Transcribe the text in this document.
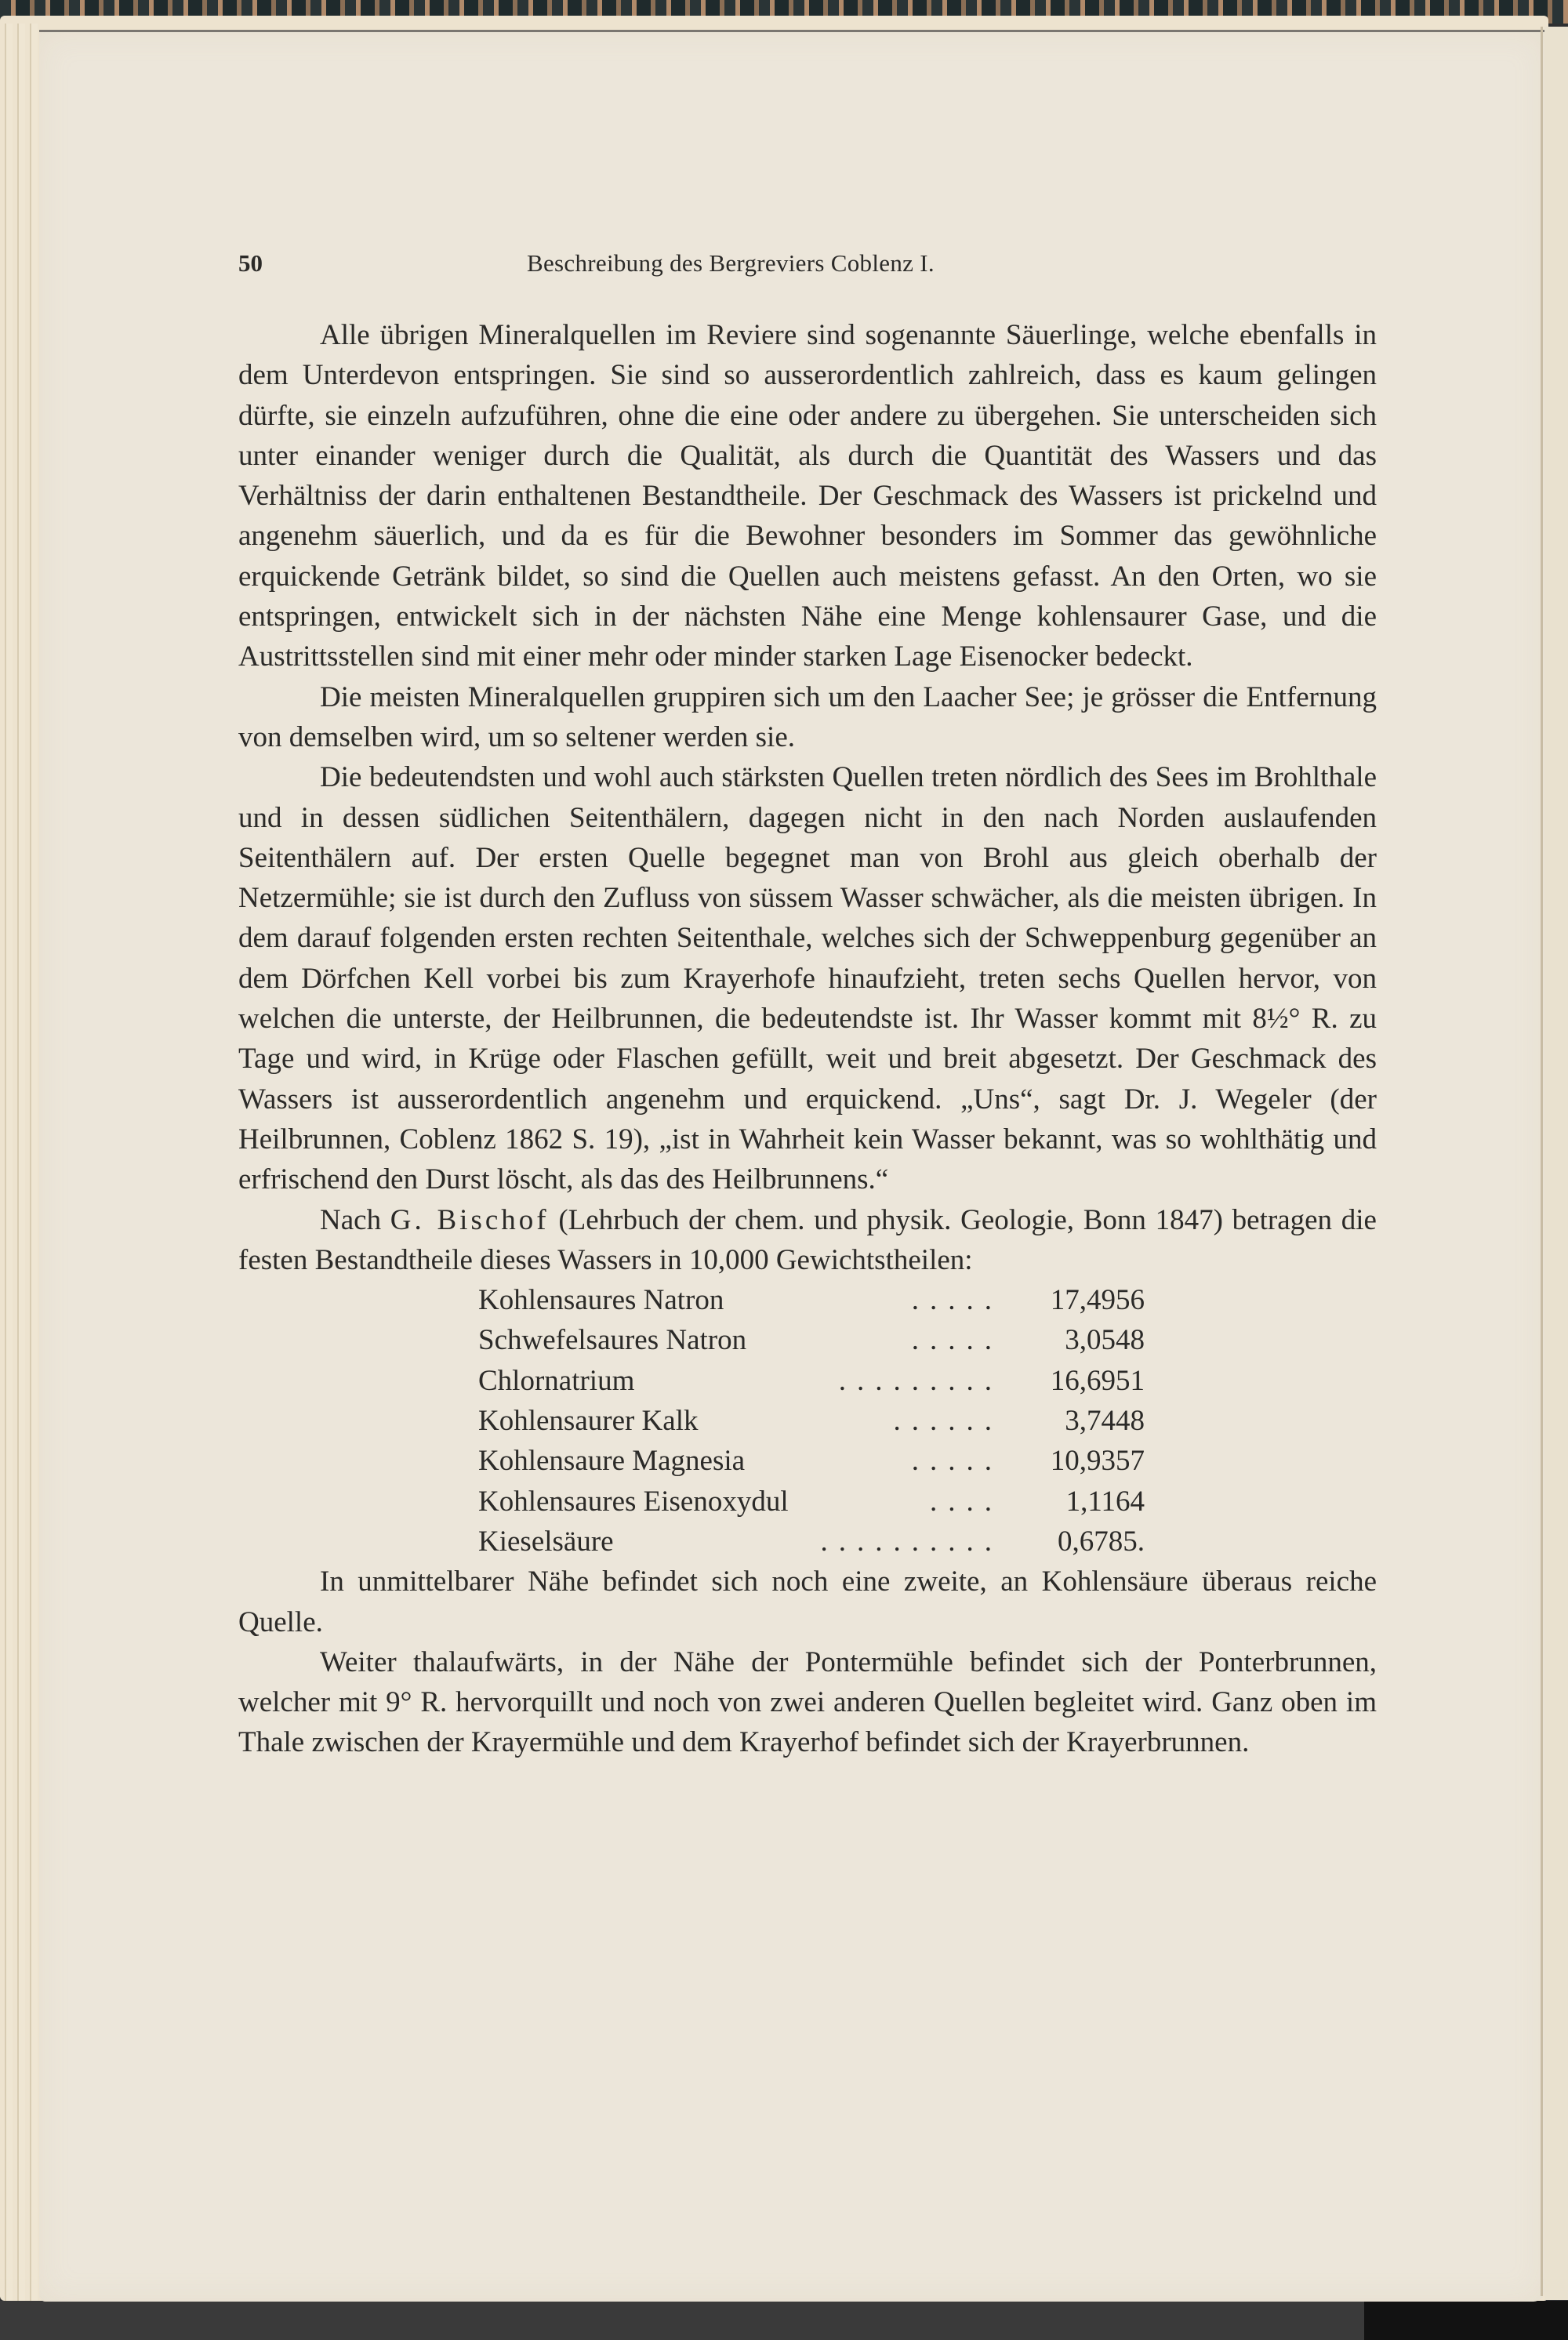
50	Beschreibung des Bergreviers Coblenz I.

Alle übrigen Mineralquellen im Reviere sind sogenannte Säuerlinge, welche ebenfalls in dem Unterdevon entspringen. Sie sind so ausserordentlich zahlreich, dass es kaum gelingen dürfte, sie einzeln aufzuführen, ohne die eine oder andere zu übergehen. Sie unterscheiden sich unter einander weniger durch die Qualität, als durch die Quantität des Wassers und das Verhältniss der darin enthaltenen Bestandtheile. Der Geschmack des Wassers ist prickelnd und angenehm säuerlich, und da es für die Bewohner besonders im Sommer das gewöhnliche erquickende Getränk bildet, so sind die Quellen auch meistens gefasst. An den Orten, wo sie entspringen, entwickelt sich in der nächsten Nähe eine Menge kohlensaurer Gase, und die Austrittsstellen sind mit einer mehr oder minder starken Lage Eisenocker bedeckt.

Die meisten Mineralquellen gruppiren sich um den Laacher See; je grösser die Entfernung von demselben wird, um so seltener werden sie.

Die bedeutendsten und wohl auch stärksten Quellen treten nördlich des Sees im Brohlthale und in dessen südlichen Seitenthälern, dagegen nicht in den nach Norden auslaufenden Seitenthälern auf. Der ersten Quelle begegnet man von Brohl aus gleich oberhalb der Netzermühle; sie ist durch den Zufluss von süssem Wasser schwächer, als die meisten übrigen. In dem darauf folgenden ersten rechten Seitenthale, welches sich der Schweppenburg gegenüber an dem Dörfchen Kell vorbei bis zum Krayerhofe hinaufzieht, treten sechs Quellen hervor, von welchen die unterste, der Heilbrunnen, die bedeutendste ist. Ihr Wasser kommt mit 8½° R. zu Tage und wird, in Krüge oder Flaschen gefüllt, weit und breit abgesetzt. Der Geschmack des Wassers ist ausserordentlich angenehm und erquickend. „Uns“, sagt Dr. J. Wegeler (der Heilbrunnen, Coblenz 1862 S. 19), „ist in Wahrheit kein Wasser bekannt, was so wohlthätig und erfrischend den Durst löscht, als das des Heilbrunnens.“

Nach G. Bischof (Lehrbuch der chem. und physik. Geologie, Bonn 1847) betragen die festen Bestandtheile dieses Wassers in 10,000 Gewichtstheilen:

Kohlensaures Natron	.....	17,4956
Schwefelsaures Natron	.....	3,0548
Chlornatrium	.........	16,6951
Kohlensaurer Kalk	......	3,7448
Kohlensaure Magnesia	.....	10,9357
Kohlensaures Eisenoxydul	....	1,1164
Kieselsäure	..........	0,6785.

In unmittelbarer Nähe befindet sich noch eine zweite, an Kohlensäure überaus reiche Quelle.

Weiter thalaufwärts, in der Nähe der Pontermühle befindet sich der Ponterbrunnen, welcher mit 9° R. hervorquillt und noch von zwei anderen Quellen begleitet wird. Ganz oben im Thale zwischen der Krayermühle und dem Krayerhof befindet sich der Krayerbrunnen.
